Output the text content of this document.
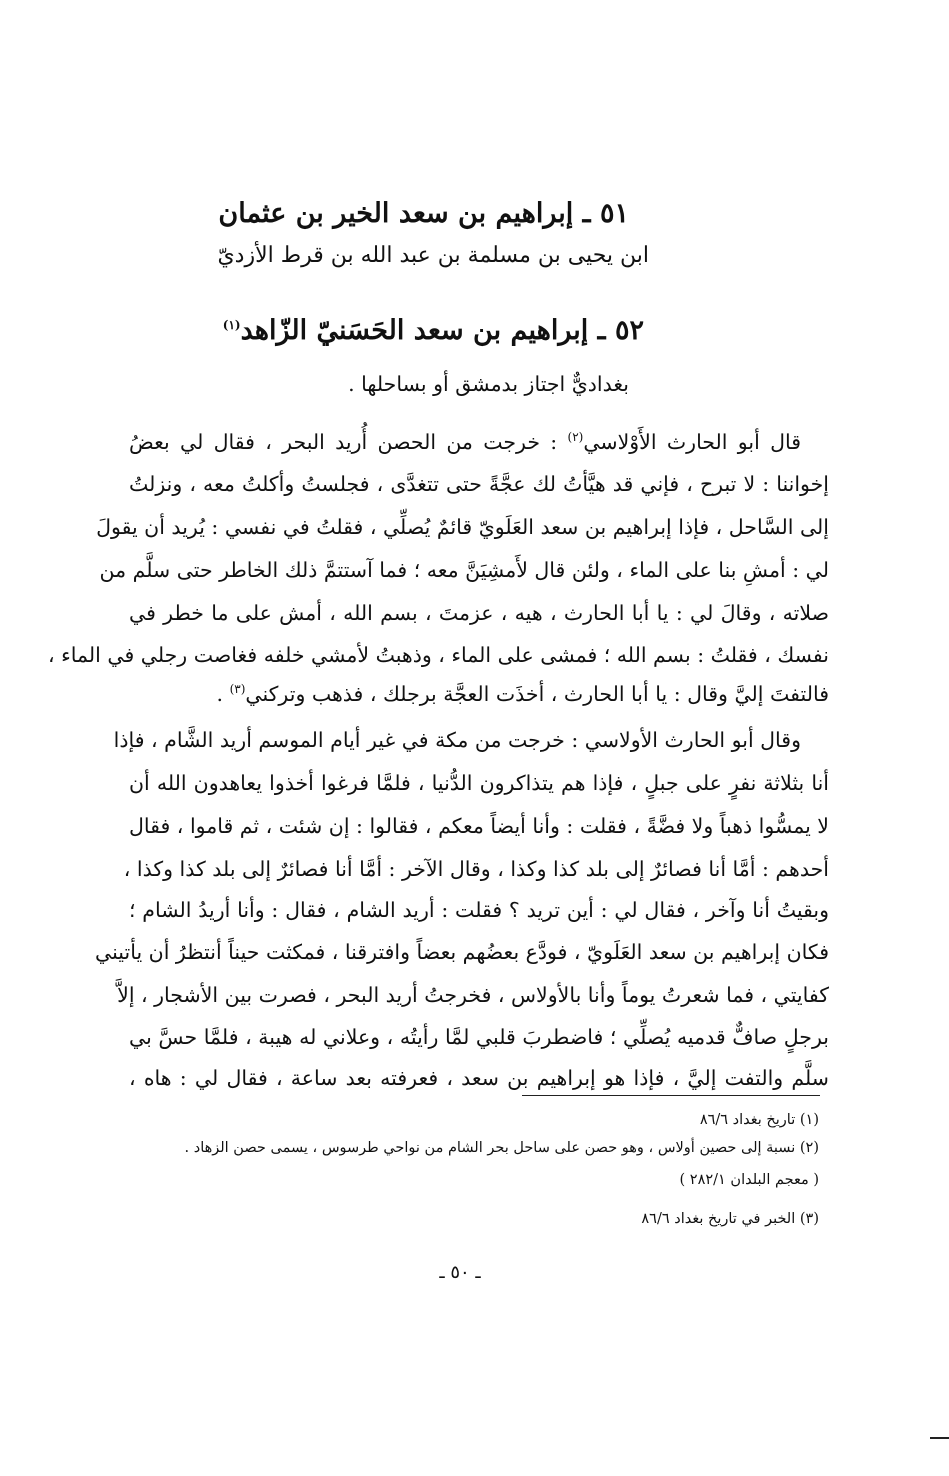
٥١ ـ إبراهيم بن سعد الخير بن عثمان
ابن يحيى بن مسلمة بن عبد الله بن قرط الأزديّ
٥٢ ـ إبراهيم بن سعد الحَسَنيّ الزّاهد$^{(١)}$
بغداديٌّ اجتاز بدمشق أو بساحلها .
قال أبو الحارث الأَوْلاسي$^{(٢)}$ : خرجت من الحصن أُريد البحر ، فقال لي بعضُ
إخواننا : لا تبرح ، فإني قد هيَّأتُ لك عجَّةً حتى تتغدَّى ، فجلستُ وأكلتُ معه ، ونزلتُ
إلى السَّاحل ، فإذا إبراهيم بن سعد العَلَويّ قائمٌ يُصلِّي ، فقلتُ في نفسي : يُريد أن يقولَ
لي : أمشِ بنا على الماء ، ولئن قال لأَمشِيَنَّ معه ؛ فما آستتمَّ ذلك الخاطر حتى سلَّم من
صلاته ، وقالَ لي : يا أبا الحارث ، هيه ، عزمتَ ، بسم الله ، أمش على ما خطر في
نفسك ، فقلتُ : بسم الله ؛ فمشى على الماء ، وذهبتُ لأمشي خلفه فغاصت رجلي في الماء ،
فالتفتَ إليَّ وقال : يا أبا الحارث ، أخذَت العجَّة برجلك ، فذهب وتركني$^{(٣)}$ .
وقال أبو الحارث الأولاسي : خرجت من مكة في غير أيام الموسم أريد الشَّام ، فإذا
أنا بثلاثة نفرٍ على جبلٍ ، فإذا هم يتذاكرون الدُّنيا ، فلمَّا فرغوا أخذوا يعاهدون الله أن
لا يمسُّوا ذهباً ولا فضَّةً ، فقلت : وأنا أيضاً معكم ، فقالوا : إن شئت ، ثم قاموا ، فقال
أحدهم : أمَّا أنا فصائرٌ إلى بلد كذا وكذا ، وقال الآخر : أمَّا أنا فصائرٌ إلى بلد كذا وكذا ،
وبقيتُ أنا وآخر ، فقال لي : أين تريد ؟ فقلت : أريد الشام ، فقال : وأنا أريدُ الشام ؛
فكان إبراهيم بن سعد العَلَويّ ، فودَّع بعضُهم بعضاً وافترقنا ، فمكثت حيناً أنتظرُ أن يأتيني
كفايتي ، فما شعرتُ يوماً وأنا بالأولاس ، فخرجتُ أريد البحر ، فصرت بين الأشجار ، إلاَّ
برجلٍ صافٌّ قدميه يُصلِّي ؛ فاضطربَ قلبي لمَّا رأيتُه ، وعلاني له هيبة ، فلمَّا حسَّ بي
سلَّم والتفت إليَّ ، فإذا هو إبراهيم بن سعد ، فعرفته بعد ساعة ، فقال لي : هاه ،
(١) تاريخ بغداد ٨٦/٦
(٢) نسبة إلى حصين أولاس ، وهو حصن على ساحل بحر الشام من نواحي طرسوس ، يسمى حصن الزهاد .
( معجم البلدان ٢٨٢/١ )
(٣) الخبر في تاريخ بغداد ٨٦/٦
ـ ٥٠ ـ
